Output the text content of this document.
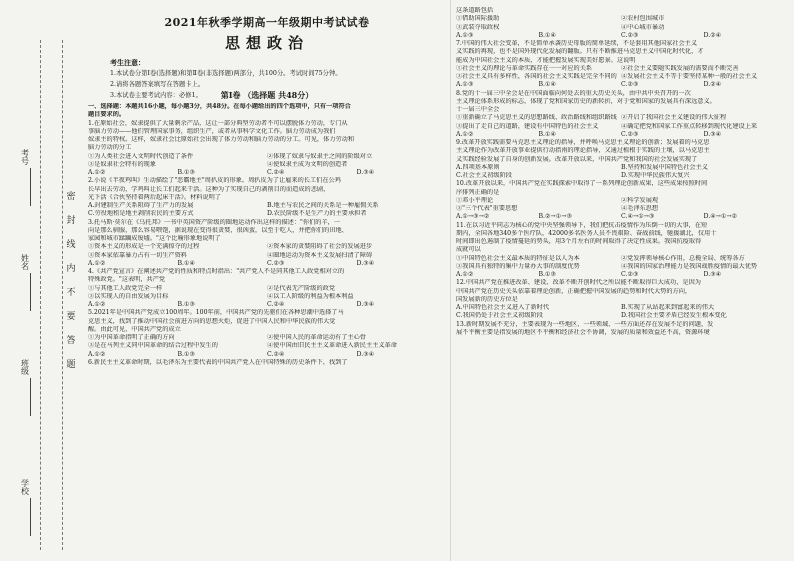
考号
姓名
班级
学校
密封线内不要答题
2021年秋季学期高一年级期中考试试卷
思想政治

考生注意：

1.本试卷分第Ⅰ卷(选择题)和第Ⅱ卷(非选择题)两部分，共100分。考试时间75分钟。

2.请将各题答案填写在答题卡上。

3.本试卷主要考试内容：必修1。	第Ⅰ卷 （选择题 共48分）

一、选择题：本题共16小题，每小题3分，共48分。在每小题给出的四个选项中，只有一项符合

题目要求的。

1.在原始社会，奴隶提供了大量剩余产品，这让一部分典型劳动者不可以摆脱体力劳动，专门从

事脑力劳动——他们管理国家事务，组织生产，或者从事科学文化工作。脑力劳动成为我们

奴隶主的特权。这样，奴隶社会比原始社会出现了体力劳动和脑力劳动的分工。可见，体力劳动和

脑力劳动的分工

①为人类社会进入文明时代创造了条件	②体现了奴隶与奴隶主之间的阶级对立
③是奴隶社会特有的现象	④使奴隶主成为文明的创造者
A.①②	B.①③	C.②④	D.③④

2.小说《半夜鸡叫》生动描绘了"恶霸地主"周扒皮的形象。周扒皮为了让雇来的长工们在公鸡

长早出去劳动，学鸡叫让长工们起来干活。这种为了实现自己的剥削目的而造成的悲剧，

光下活《合伙坚持着两后起床干活》。材料说明了

A.封建制生产关系阻碍了生产力的发展	B.地主与农民之间的关系是一种雇佣关系
C.劳役地租是地主剥削农民的主要方式	D.农民阶级不是生产力的主要承担者

3.托马斯·莫尔在《乌托邦》一书中英国资产阶级的圈地运动作出这样的描述："你们的羊，一

向是那么驯服，那么容易喂饱，据说现在变得很贪婪，很凶蛮，以至于吃人，并把你们的田地、

家园和城市蹂躏成废墟。"这个比喻形象地说明了

①资本主义的形成是一个充满掠夺的过程	②资本家的贪婪阻碍了社会的发展进步
③资本家依靠暴力占有一切生产资料	④圈地运动为资本主义发展扫清了障碍
A.①②	B.①④	C.②③	D.③④

4.《共产党宣言》在阐述共产党的性质和特点时指出："共产党人不是同其他工人政党相对立的

特殊政党。"这表明，共产党

①与其他工人政党完全一样	②是代表无产阶级的政党
③以实现人的自由发展为目标	④以工人阶级的利益为根本利益
A.①②	B.①③	C.②④	D.③④

5.2021年是中国共产党成立100周年。100年前，中国共产党的先驱们在各种思潮中选择了马

克思主义，找到了推动中国社会前进方向的思想火炬，促进了中国人民和中华民族的伟大觉

醒。由此可见，中国共产党的成立

①为中国革命指明了正确的方向	②使中国人民的革命运动有了主心骨
③是在马列主义同中国革命的结合过程中发生的	④使中国由旧民主主义革命进入新民主主义革命
A.①②	B.①③	C.②④	D.③④

6.新民主主义革命时期，以毛泽东为主要代表的中国共产党人在中国特殊的历史条件下，找到了

这条道路包括

①借助国际援助	②农村包围城市
③武装夺取政权	④中心城市暴动
A.①③	B.①④	C.②③	D.②④

7.中国的伟大社会变革，不是简单承袭历史母版的简单延续，不是套用其他国家社会主义

义实践的再现，也不是国外现代化发展的翻版。只有不断推进马克思主义中国化时代化，才

能成为中国社会主义的本质，才能把握发展实现美好愿景。这说明

①社会主义的理论与革命实践存在一一对应的关系	②社会主义要随实践发展的需要而不断完善
③社会主义具有多样性，各国的社会主义实践是完全不同的 ④发展社会主义不等于要坚持某种一般的社会主义
A.①③	B.①④	C.②③	D.②④

8.党的十一届三中全会是在中国面临向何处去的重大历史关头，由中共中央召开的一次

主义理论体系形成的标志，体现了党和国家历史的新转折，对于党和国家的发展具有深远意义。

十一届三中全会

①重新确立了马克思主义的思想路线、政治路线和组织路线 ②开启了我国社会主义建设的伟大征程
③提出了走自己的道路，建设有中国特色的社会主义	④确定把党和国家工作重点转移到现代化建设上来
A.①②	B.①④	C.②③	D.③④

9.改革开放实践需要马克思主义理论的指导，并呼唤马克思主义理论的创新；发展着的马克思

主义理论作为改革开放事业提供行动指南的理论指导，又通过植根于实践的土壤，以马克思主

义实践经验发展了自身的创新发展。改革开放以来，中国共产党和我国的社会发展实现了

A.四项基本原则	B.坚持和发展中国特色社会主义
C.社会主义初级阶段	D.实现中华民族伟大复兴

10.改革开放以来，中国共产党在实践探索中取得了一系列理论创新成果，这些成果按照时间

序排列正确的是

①邓小平理论	②科学发展观
③"三个代表"重要思想	④毛泽东思想
A.①→③→②	B.②→①→③	C.④→①→③	D.④→①→②

11.在以习近平同志为核心的党中央坚强领导下，我们把抗击疫情作为压倒一切的大事，在短

期内，全国各地340多个医疗队，42000多名医务人员不畏艰险、奋战前线，驰援湖北，仅用十

时间即出色遏制了疫情蔓延的势头，用3个月左右的时间取得了决定性成果。我国抗疫取得

成就可以

①中国特色社会主义最本质的特征是以人为本	②党发挥领导核心作用，总揽全局、统筹各方
③我国具有独特的集中力量办大事的制度优势	④我国的国家治理能力是我国战胜疫情的最大优势
A.①②	B.①③	C.②③	D.③④

12.中国共产党在推进改革、建设、改革不断开创时代之所以能不断取得巨大成功，是因为

中国共产党在历史关头依靠着理论创新，正确把握中国发展的趋势和时代大势的方向，

国发展新的历史方位是

A.中国特色社会主义进入了新时代	B.实现了从站起来到富起来的伟大
C.我国仍处于社会主义初级阶段	D.我国社会主要矛盾已经发生根本变化

13.新时期发展不充分，主要表现为一些地区、一些领域、一些方面还存在发展不足的问题，发

展不平衡主要是指发展的地区不平衡和经济社会不协调，发展的质量和效益还不高，资源环境
